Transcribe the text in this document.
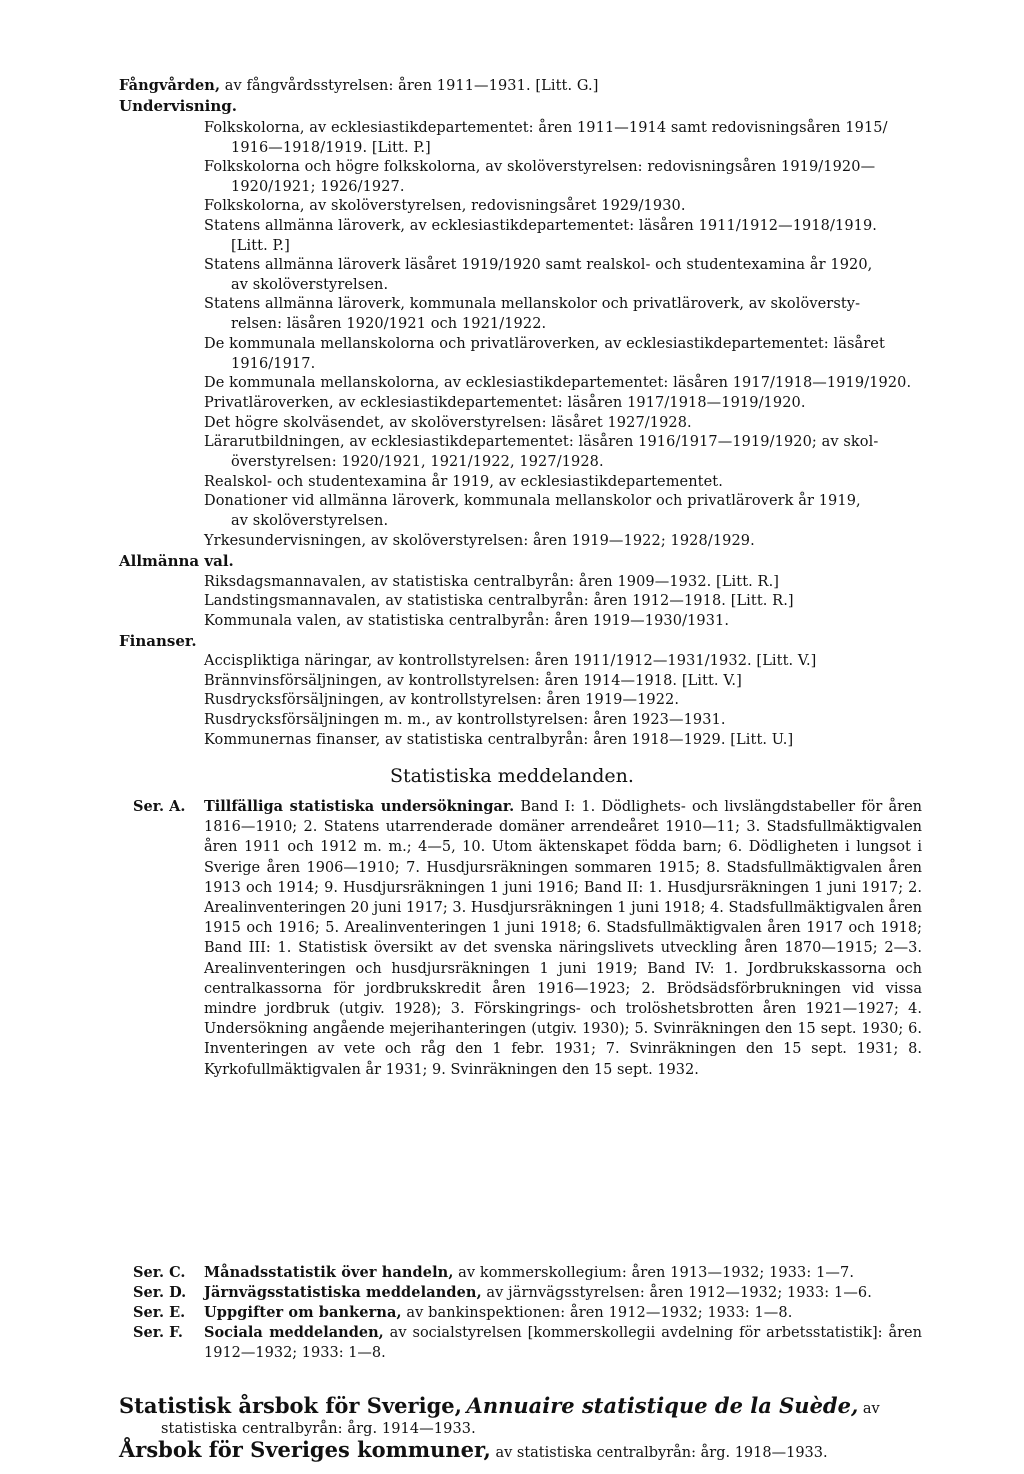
Fångvården, av fångvårdsstyrelsen: åren 1911—1931. [Litt. G.]
Undervisning.
Folkskolorna, av ecklesiastikdepartementet: åren 1911—1914 samt redovisningsåren 1915/
1916—1918/1919. [Litt. P.]
Folkskolorna och högre folkskolorna, av skolöverstyrelsen: redovisningsåren 1919/1920—
1920/1921; 1926/1927.
Folkskolorna, av skolöverstyrelsen, redovisningsåret 1929/1930.
Statens allmänna läroverk, av ecklesiastikdepartementet: läsåren 1911/1912—1918/1919.
[Litt. P.]
Statens allmänna läroverk läsåret 1919/1920 samt realskol- och studentexamina år 1920,
av skolöverstyrelsen.
Statens allmänna läroverk, kommunala mellanskolor och privatläroverk, av skolöversty-
relsen: läsåren 1920/1921 och 1921/1922.
De kommunala mellanskolorna och privatläroverken, av ecklesiastikdepartementet: läsåret
1916/1917.
De kommunala mellanskolorna, av ecklesiastikdepartementet: läsåren 1917/1918—1919/1920.
Privatläroverken, av ecklesiastikdepartementet: läsåren 1917/1918—1919/1920.
Det högre skolväsendet, av skolöverstyrelsen: läsåret 1927/1928.
Lärarutbildningen, av ecklesiastikdepartementet: läsåren 1916/1917—1919/1920; av skol-
överstyrelsen: 1920/1921, 1921/1922, 1927/1928.
Realskol- och studentexamina år 1919, av ecklesiastikdepartementet.
Donationer vid allmänna läroverk, kommunala mellanskolor och privatläroverk år 1919,
av skolöverstyrelsen.
Yrkesundervisningen, av skolöverstyrelsen: åren 1919—1922; 1928/1929.
Allmänna val.
Riksdagsmannavalen, av statistiska centralbyrån: åren 1909—1932. [Litt. R.]
Landstingsmannavalen, av statistiska centralbyrån: åren 1912—1918. [Litt. R.]
Kommunala valen, av statistiska centralbyrån: åren 1919—1930/1931.
Finanser.
Accispliktiga näringar, av kontrollstyrelsen: åren 1911/1912—1931/1932. [Litt. V.]
Brännvinsförsäljningen, av kontrollstyrelsen: åren 1914—1918. [Litt. V.]
Rusdrycksförsäljningen, av kontrollstyrelsen: åren 1919—1922.
Rusdrycksförsäljningen m. m., av kontrollstyrelsen: åren 1923—1931.
Kommunernas finanser, av statistiska centralbyrån: åren 1918—1929. [Litt. U.]
Statistiska meddelanden.
Ser. A. Tillfälliga statistiska undersökningar. Band I: 1. Dödlighets- och livslängdstabeller för åren 1816—1910; 2. Statens utarrenderade domäner arrendeåret 1910—11; 3. Stadsfullmäktigvalen åren 1911 och 1912 m. m.; 4—5, 10. Utom äktenskapet födda barn; 6. Dödligheten i lungsot i Sverige åren 1906—1910; 7. Husdjursräkningen sommaren 1915; 8. Stadsfullmäktigvalen åren 1913 och 1914; 9. Husdjursräkningen 1 juni 1916; Band II: 1. Husdjursräkningen 1 juni 1917; 2. Arealinventeringen 20 juni 1917; 3. Husdjursräkningen 1 juni 1918; 4. Stadsfullmäktigvalen åren 1915 och 1916; 5. Arealinventeringen 1 juni 1918; 6. Stadsfullmäktigvalen åren 1917 och 1918; Band III: 1. Statistisk översikt av det svenska näringslivets utveckling åren 1870—1915; 2—3. Arealinventeringen och husdjursräkningen 1 juni 1919; Band IV: 1. Jordbrukskassorna och centralkassorna för jordbrukskredit åren 1916—1923; 2. Brödsädsförbrukningen vid vissa mindre jordbruk (utgiv. 1928); 3. Förskingrings- och trolöshetsbrotten åren 1921—1927; 4. Undersökning angående mejerihanteringen (utgiv. 1930); 5. Svinräkningen den 15 sept. 1930; 6. Inventeringen av vete och råg den 1 febr. 1931; 7. Svinräkningen den 15 sept. 1931; 8. Kyrkofullmäktigvalen år 1931; 9. Svinräkningen den 15 sept. 1932.
Ser. C. Månadsstatistik över handeln, av kommerskollegium: åren 1913—1932; 1933: 1—7.
Ser. D. Järnvägsstatistiska meddelanden, av järnvägsstyrelsen: åren 1912—1932; 1933: 1—6.
Ser. E. Uppgifter om bankerna, av bankinspektionen: åren 1912—1932; 1933: 1—8.
Ser. F. Sociala meddelanden, av socialstyrelsen [kommerskollegii avdelning för arbetsstatistik]: åren 1912—1932; 1933: 1—8.
Statistisk årsbok för Sverige, Annuaire statistique de la Suède, av
statistiska centralbyrån: årg. 1914—1933.
Årsbok för Sveriges kommuner, av statistiska centralbyrån: årg. 1918—1933.
